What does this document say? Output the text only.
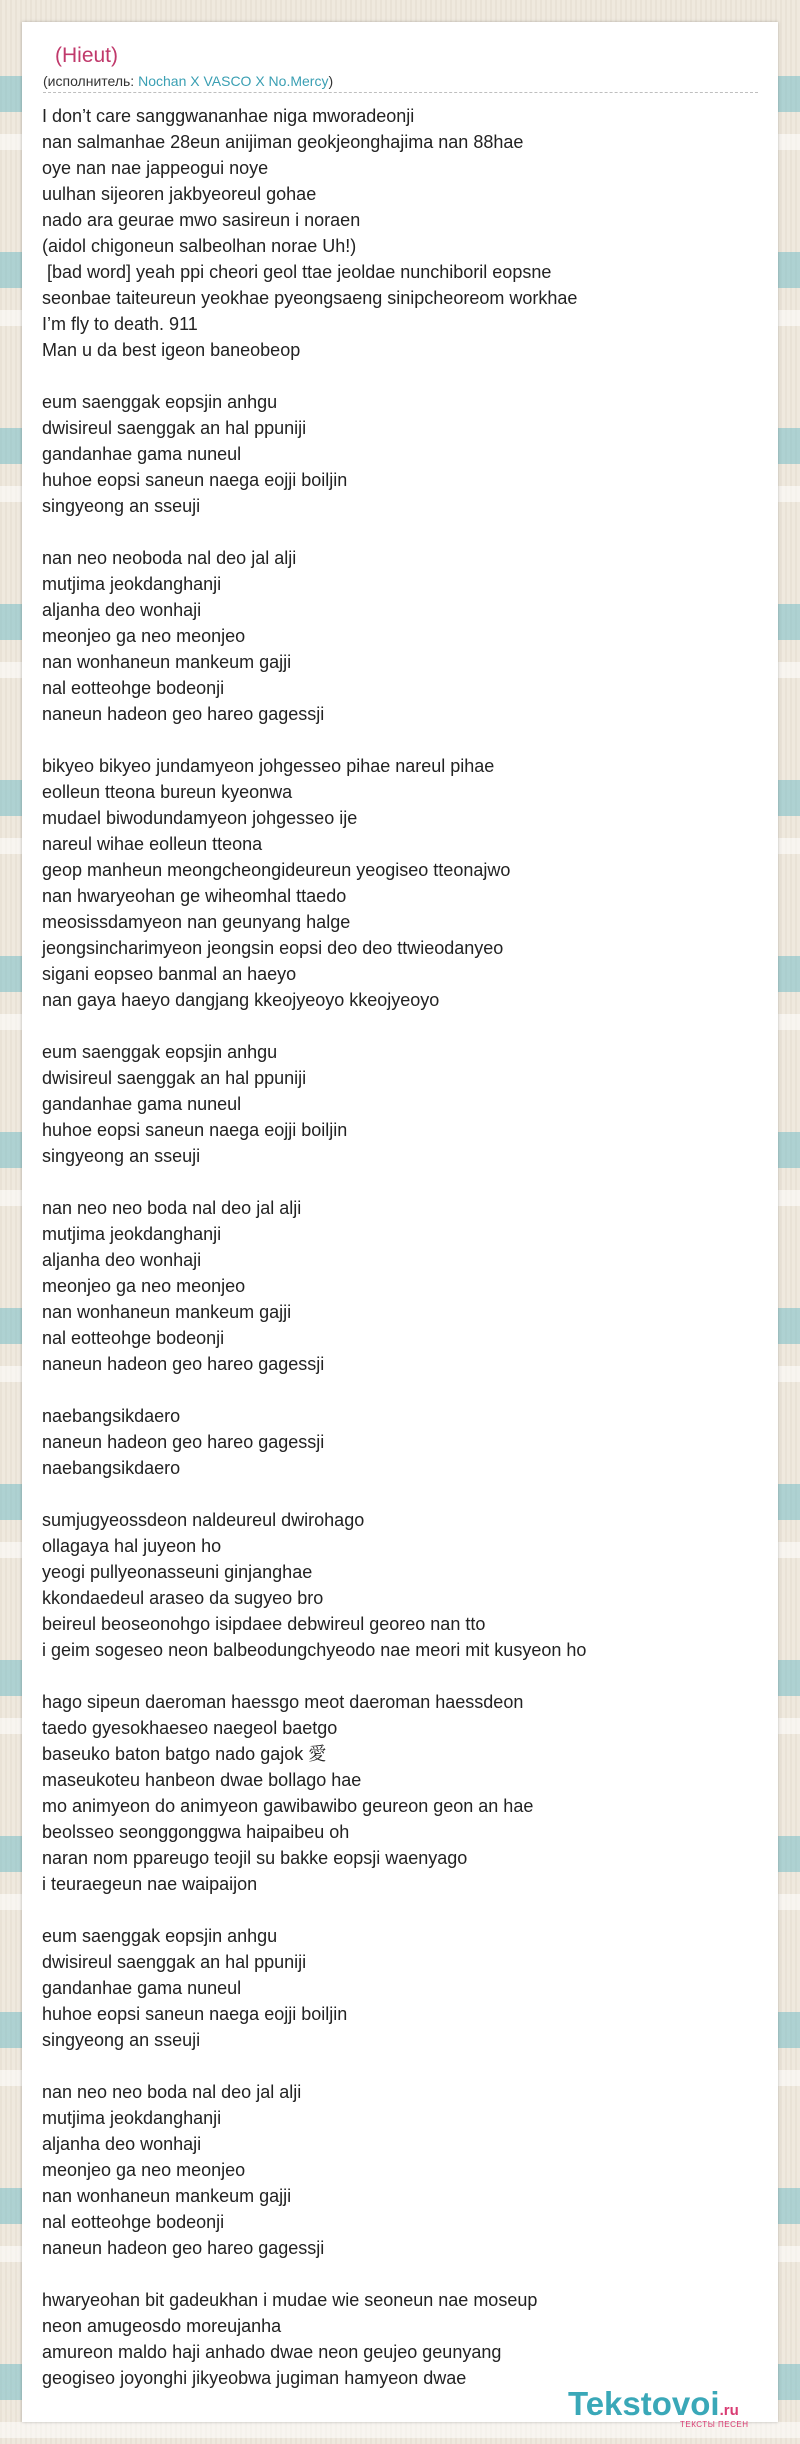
(Hieut)
(исполнитель: Nochan X VASCO X No.Mercy)
I don’t care sanggwananhae niga mworadeonji
nan salmanhae 28eun anijiman geokjeonghajima nan 88hae
oye nan nae jappeogui noye
uulhan sijeoren jakbyeoreul gohae
nado ara geurae mwo sasireun i noraen
(aidol chigoneun salbeolhan norae Uh!)
[bad word] yeah ppi cheori geol ttae jeoldae nunchiboril eopsne
seonbae taiteureun yeokhae pyeongsaeng sinipcheoreom workhae
I’m fly to death. 911
Man u da best igeon baneobeop
eum saenggak eopsjin anhgu
dwisireul saenggak an hal ppuniji
gandanhae gama nuneul
huhoe eopsi saneun naega eojji boiljin
singyeong an sseuji
nan neo neoboda nal deo jal alji
mutjima jeokdanghanji
aljanha deo wonhaji
meonjeo ga neo meonjeo
nan wonhaneun mankeum gajji
nal eotteohge bodeonji
naneun hadeon geo hareo gagessji
bikyeo bikyeo jundamyeon johgesseo pihae nareul pihae
eolleun tteona bureun kyeonwa
mudael biwodundamyeon johgesseo ije
nareul wihae eolleun tteona
geop manheun meongcheongideureun yeogiseo tteonajwo
nan hwaryeohan ge wiheomhal ttaedo
meosissdamyeon nan geunyang halge
jeongsincharimyeon jeongsin eopsi deo deo ttwieodanyeo
sigani eopseo banmal an haeyo
nan gaya haeyo dangjang kkeojyeoyo kkeojyeoyo
eum saenggak eopsjin anhgu
dwisireul saenggak an hal ppuniji
gandanhae gama nuneul
huhoe eopsi saneun naega eojji boiljin
singyeong an sseuji
nan neo neo boda nal deo jal alji
mutjima jeokdanghanji
aljanha deo wonhaji
meonjeo ga neo meonjeo
nan wonhaneun mankeum gajji
nal eotteohge bodeonji
naneun hadeon geo hareo gagessji
naebangsikdaero
naneun hadeon geo hareo gagessji
naebangsikdaero
sumjugyeossdeon naldeureul dwirohago
ollagaya hal juyeon ho
yeogi pullyeonasseuni ginjanghae
kkondaedeul araseo da sugyeo bro
beireul beoseonohgo isipdaee debwireul georeo nan tto
i geim sogeseo neon balbeodungchyeodo nae meori mit kusyeon ho
hago sipeun daeroman haessgo meot daeroman haessdeon
taedo gyesokhaeseo naegeol baetgo
baseuko baton batgo nado gajok 愛
maseukoteu hanbeon dwae bollago hae
mo animyeon do animyeon gawibawibo geureon geon an hae
beolsseo seonggonggwa haipaibeu oh
naran nom ppareugo teojil su bakke eopsji waenyago
i teuraegeun nae waipaijon
eum saenggak eopsjin anhgu
dwisireul saenggak an hal ppuniji
gandanhae gama nuneul
huhoe eopsi saneun naega eojji boiljin
singyeong an sseuji
nan neo neo boda nal deo jal alji
mutjima jeokdanghanji
aljanha deo wonhaji
meonjeo ga neo meonjeo
nan wonhaneun mankeum gajji
nal eotteohge bodeonji
naneun hadeon geo hareo gagessji
hwaryeohan bit gadeukhan i mudae wie seoneun nae moseup
neon amugeosdo moreujanha
amureon maldo haji anhado dwae neon geujeo geunyang
geogiseo joyonghi jikyeobwa jugiman hamyeon dwae
Tekstovoi.ru
ТЕКСТЫ ПЕСЕН
